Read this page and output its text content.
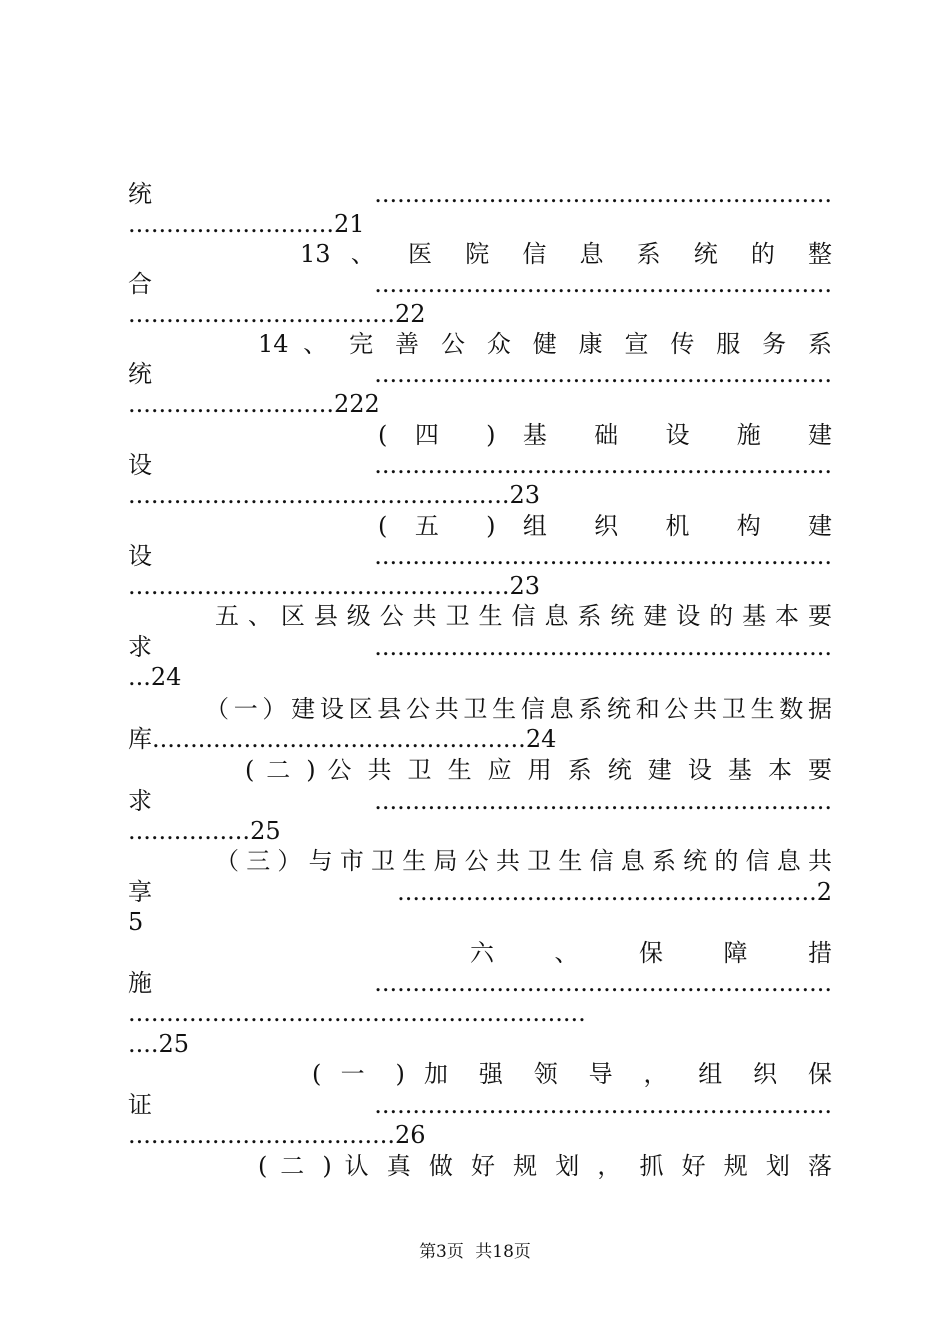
统............................................................
...........................21
13 、 医 院 信 息 系 统 的 整
合............................................................
...................................22
14 、 完 善 公 众 健 康 宣 传 服 务 系
统............................................................
...........................222
( 四 ) 基 础 设 施 建
设............................................................
..................................................23
( 五 ) 组 织 机 构 建
设............................................................
..................................................23
五 、 区 县 级 公 共 卫 生 信 息 系 统 建 设 的 基 本 要
求............................................................
...24
（一）建设区县公共卫生信息系统和公共卫生数据
库.................................................24
( 二 ) 公 共 卫 生 应 用 系 统 建 设 基 本 要
求............................................................
................25
（三）与市卫生局公共卫生信息系统的信息共
享.......................................................2
5
六 、 保 障 措
施............................................................
............................................................
....25
( 一 ) 加 强 领 导 ， 组 织 保
证............................................................
...................................26
( 二 ) 认 真 做 好 规 划 ， 抓 好 规 划 落
第3页 共18页
